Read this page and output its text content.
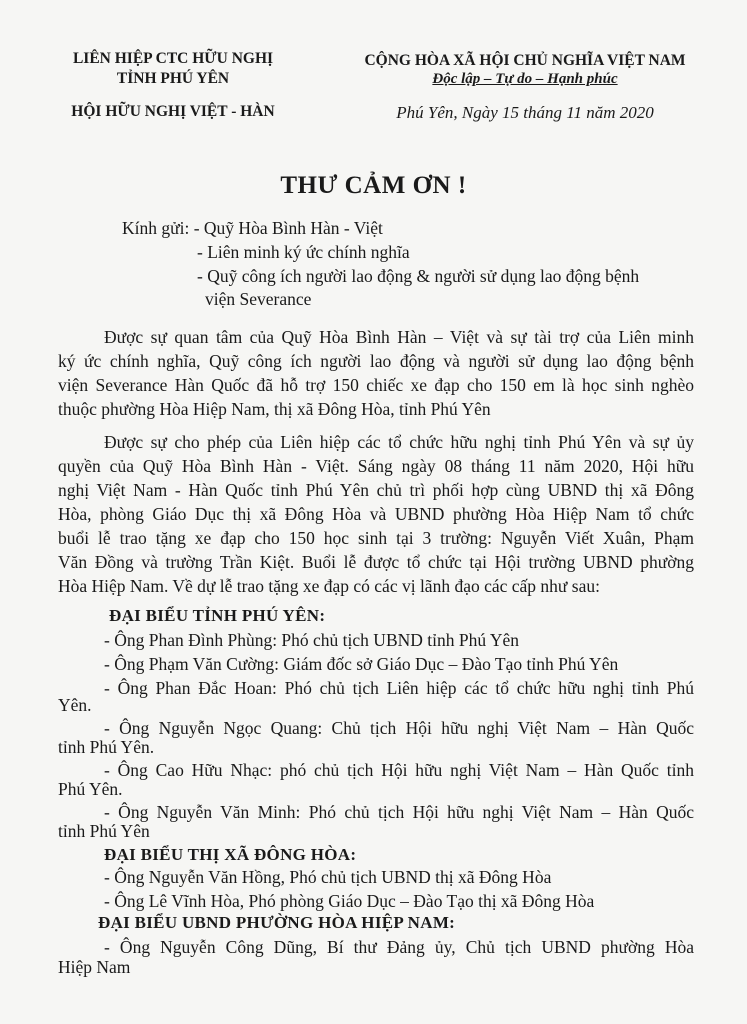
LIÊN HIỆP CTC HỮU NGHỊ
TỈNH PHÚ YÊN
HỘI HỮU NGHỊ VIỆT - HÀN
CỘNG HÒA XÃ HỘI CHỦ NGHĨA VIỆT NAM
Độc lập – Tự do – Hạnh phúc
Phú Yên, Ngày 15 tháng 11 năm 2020
THƯ CẢM ƠN !
Kính gửi: - Quỹ Hòa Bình Hàn - Việt
- Liên minh ký ức chính nghĩa
- Quỹ công ích người lao động & người sử dụng lao động bệnh
viện Severance
Được sự quan tâm của Quỹ Hòa Bình Hàn – Việt và sự tài trợ của Liên minh
ký ức chính nghĩa, Quỹ công ích người lao động và người sử dụng lao động bệnh
viện Severance Hàn Quốc đã hỗ trợ 150 chiếc xe đạp cho 150 em là học sinh nghèo
thuộc phường Hòa Hiệp Nam, thị xã Đông Hòa, tỉnh Phú Yên
Được sự cho phép của Liên hiệp các tổ chức hữu nghị tỉnh Phú Yên và sự ủy
quyền của Quỹ Hòa Bình Hàn - Việt. Sáng ngày 08 tháng 11 năm 2020, Hội hữu
nghị Việt Nam - Hàn Quốc tỉnh Phú Yên chủ trì phối hợp cùng UBND thị xã Đông
Hòa, phòng Giáo Dục thị xã Đông Hòa và UBND phường Hòa Hiệp Nam tổ chức
buổi lễ trao tặng xe đạp cho 150 học sinh tại 3 trường: Nguyễn Viết Xuân, Phạm
Văn Đồng và trường Trần Kiệt. Buổi lễ được tổ chức tại Hội trường UBND phường
Hòa Hiệp Nam. Về dự lễ trao tặng xe đạp có các vị lãnh đạo các cấp như sau:
ĐẠI BIỂU TỈNH PHÚ YÊN:
- Ông Phan Đình Phùng: Phó chủ tịch UBND tỉnh Phú Yên
- Ông Phạm Văn Cường: Giám đốc sở Giáo Dục – Đào Tạo tỉnh Phú Yên
- Ông Phan Đắc Hoan: Phó chủ tịch Liên hiệp các tổ chức hữu nghị tỉnh Phú
Yên.
- Ông Nguyễn Ngọc Quang: Chủ tịch Hội hữu nghị Việt Nam – Hàn Quốc
tỉnh Phú Yên.
- Ông Cao Hữu Nhạc: phó chủ tịch Hội hữu nghị Việt Nam – Hàn Quốc tỉnh
Phú Yên.
- Ông Nguyễn Văn Minh: Phó chủ tịch Hội hữu nghị Việt Nam – Hàn Quốc
tỉnh Phú Yên
ĐẠI BIỂU THỊ XÃ ĐÔNG HÒA:
- Ông Nguyễn Văn Hồng, Phó chủ tịch UBND thị xã Đông Hòa
- Ông Lê Vĩnh Hòa, Phó phòng Giáo Dục – Đào Tạo thị xã Đông Hòa
ĐẠI BIỂU UBND PHƯỜNG HÒA HIỆP NAM:
- Ông Nguyễn Công Dũng, Bí thư Đảng ủy, Chủ tịch UBND phường Hòa
Hiệp Nam
